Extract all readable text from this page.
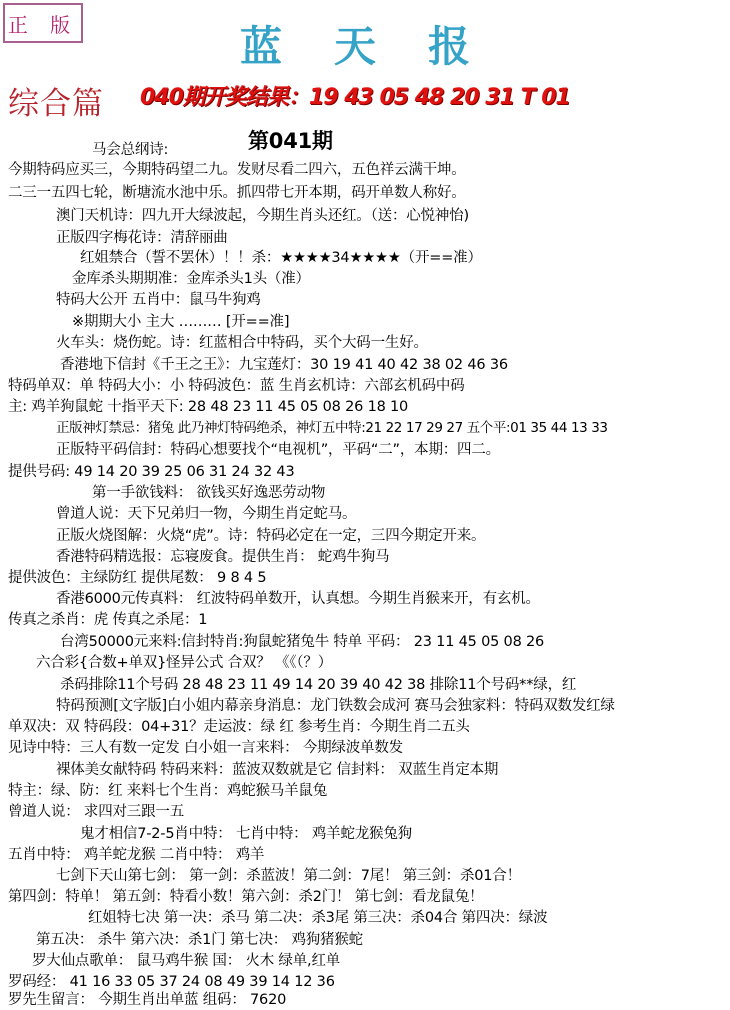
正 版	蓝天报
综合篇 040期开奖结果：19 43 05 48 20 31 T 01
马会总纲诗:	第041期
今期特码应买三，今期特码望二九。发财尽看二四六，五色祥云满干坤。
二三一五四七轮，断塘流水池中乐。抓四带七开本期，码开单数人称好。
澳门天机诗：四九开大绿波起，今期生肖头还红。（送：心悦神怡)
正版四字梅花诗：清辞丽曲
红姐禁合（誓不罢休）！！杀：★★★★34★★★★（开==准）
金库杀头期期准：金库杀头1头（准）
特码大公开 五肖中：鼠马牛狗鸡
※期期大小 主大 ……… [开==准]
火车头：烧伤蛇。诗：红蓝相合中特码，买个大码一生好。
香港地下信封《千王之王》：九宝莲灯：30 19 41 40 42 38 02 46 36
特码单双：单 特码大小：小 特码波色：蓝 生肖玄机诗：六部玄机码中码
主: 鸡羊狗鼠蛇 十指平天下: 28 48 23 11 45 05 08 26 18 10
正版神灯禁忌：猪兔 此乃神灯特码绝杀，神灯五中特:21 22 17 29 27 五个平:01 35 44 13 33
正版特平码信封：特码心想要找个“电视机”，平码“二”，本期：四二。
提供号码: 49 14 20 39 25 06 31 24 32 43
第一手欲钱料： 欲钱买好逸恶劳动物
曾道人说：天下兄弟归一物，今期生肖定蛇马。
正版火烧图解：火烧“虎”。诗：特码必定在一定，三四今期定开来。
香港特码精选报：忘寝废食。提供生肖： 蛇鸡牛狗马
提供波色：主绿防红 提供尾数： 9 8 4 5
香港6000元传真料： 红波特码单数开，认真想。今期生肖猴来开，有玄机。
传真之杀肖：虎 传真之杀尾：1
台湾50000元来料:信封特肖:狗鼠蛇猪兔牛 特单 平码： 23 11 45 05 08 26
六合彩{合数+单双}怪异公式 合双？ 《《（？）
杀码排除11个号码 28 48 23 11 49 14 20 39 40 42 38 排除11个号码**绿，红
特码预测[文字版]白小姐内幕亲身消息：龙门铁数会成河 赛马会独家料：特码双数发红绿
单双决：双 特码段：04+31？走运波：绿 红 参考生肖：今期生肖二五头
见诗中特：三人有数一定发 白小姐一言来料： 今期绿波单数发
裸体美女献特码 特码来料：蓝波双数就是它 信封料： 双蓝生肖定本期
特主：绿、防：红 来料七个生肖：鸡蛇猴马羊鼠兔
曾道人说： 求四对三跟一五
鬼才相信7-2-5肖中特： 七肖中特： 鸡羊蛇龙猴兔狗
五肖中特： 鸡羊蛇龙猴 二肖中特： 鸡羊
七剑下天山第七剑： 第一剑：杀蓝波！第二剑：7尾！ 第三剑：杀01合！
第四剑：特单！ 第五剑：特看小数！第六剑：杀2门！ 第七剑：看龙鼠兔！
红姐特七决 第一决：杀马 第二决：杀3尾 第三决：杀04合 第四决：绿波
第五决： 杀牛 第六决：杀1门 第七决： 鸡狗猪猴蛇
罗大仙点歌单： 鼠马鸡牛猴 国： 火木 绿单,红单
罗码经： 41 16 33 05 37 24 08 49 39 14 12 36
罗先生留言： 今期生肖出单蓝 组码： 7620
